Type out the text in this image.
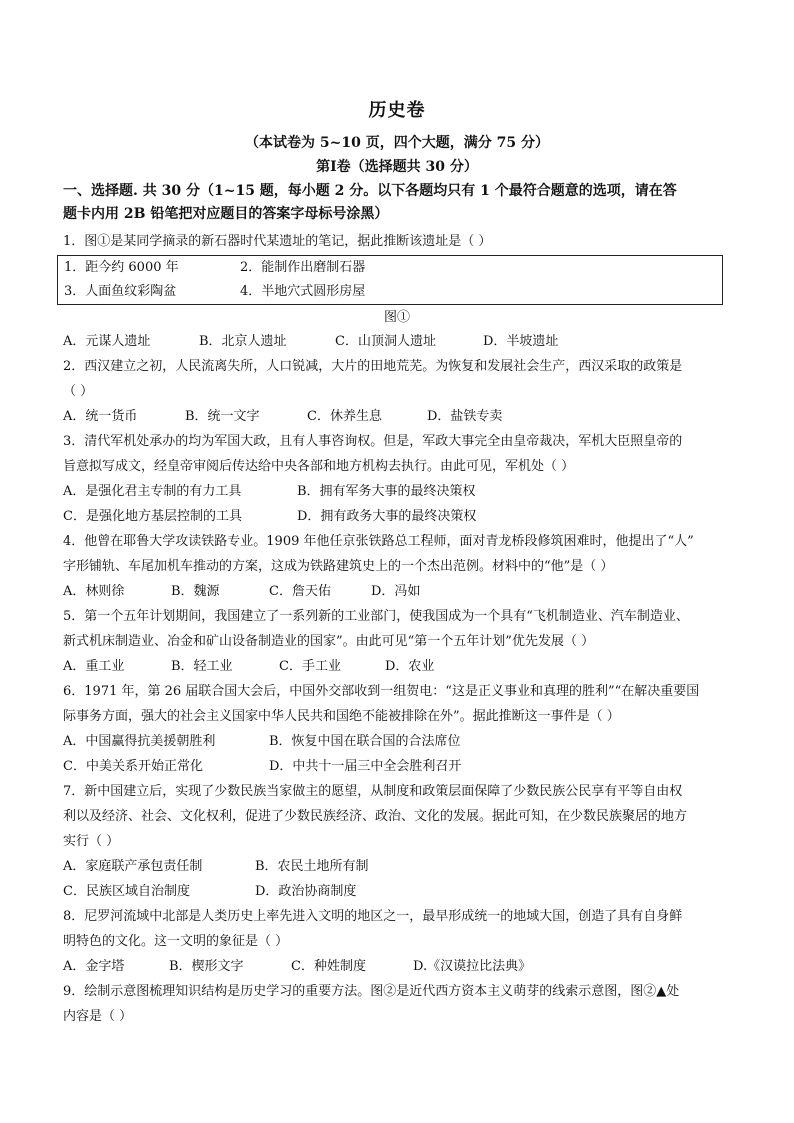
历史卷
（本试卷为 5~10 页，四个大题，满分 75 分）
第Ⅰ卷（选择题共 30 分）
一、选择题. 共 30 分（1~15 题，每小题 2 分。以下各题均只有 1 个最符合题意的选项，请在答
题卡内用 2B 铅笔把对应题目的答案字母标号涂黑）
1．图①是某同学摘录的新石器时代某遗址的笔记，据此推断该遗址是（ ）
1．距今约 6000 年	2．能制作出磨制石器
3．人面鱼纹彩陶盆	4．半地穴式圆形房屋
图①
A．元谋人遗址	B．北京人遗址	C．山顶洞人遗址	D．半坡遗址
2．西汉建立之初，人民流离失所，人口锐减，大片的田地荒芜。为恢复和发展社会生产，西汉采取的政策是
（ ）
A．统一货币	B．统一文字	C．休养生息	D．盐铁专卖
3．清代军机处承办的均为军国大政，且有人事咨询权。但是，军政大事完全由皇帝裁决，军机大臣照皇帝的
旨意拟写成文，经皇帝审阅后传达给中央各部和地方机构去执行。由此可见，军机处（ ）
A．是强化君主专制的有力工具	B．拥有军务大事的最终决策权
C．是强化地方基层控制的工具	D．拥有政务大事的最终决策权
4．他曾在耶鲁大学攻读铁路专业。1909 年他任京张铁路总工程师，面对青龙桥段修筑困难时，他提出了“人”
字形铺轨、车尾加机车推动的方案，这成为铁路建筑史上的一个杰出范例。材料中的“他”是（ ）
A．林则徐	B．魏源	C．詹天佑	D．冯如
5．第一个五年计划期间，我国建立了一系列新的工业部门，使我国成为一个具有“飞机制造业、汽车制造业、
新式机床制造业、冶金和矿山设备制造业的国家”。由此可见“第一个五年计划”优先发展（ ）
A．重工业	B．轻工业	C．手工业	D．农业
6．1971 年，第 26 届联合国大会后，中国外交部收到一组贺电：“这是正义事业和真理的胜利”“在解决重要国
际事务方面，强大的社会主义国家中华人民共和国绝不能被排除在外”。据此推断这一事件是（ ）
A．中国赢得抗美援朝胜利	B．恢复中国在联合国的合法席位
C．中美关系开始正常化	D．中共十一届三中全会胜利召开
7．新中国建立后，实现了少数民族当家做主的愿望，从制度和政策层面保障了少数民族公民享有平等自由权
利以及经济、社会、文化权利，促进了少数民族经济、政治、文化的发展。据此可知，在少数民族聚居的地方
实行（ ）
A．家庭联产承包责任制	B．农民土地所有制
C．民族区域自治制度	D．政治协商制度
8．尼罗河流域中北部是人类历史上率先进入文明的地区之一，最早形成统一的地域大国，创造了具有自身鲜
明特色的文化。这一文明的象征是（ ）
A．金字塔	B．楔形文字	C．种姓制度	D.《汉谟拉比法典》
9．绘制示意图梳理知识结构是历史学习的重要方法。图②是近代西方资本主义萌芽的线索示意图，图②▲处
内容是（ ）
